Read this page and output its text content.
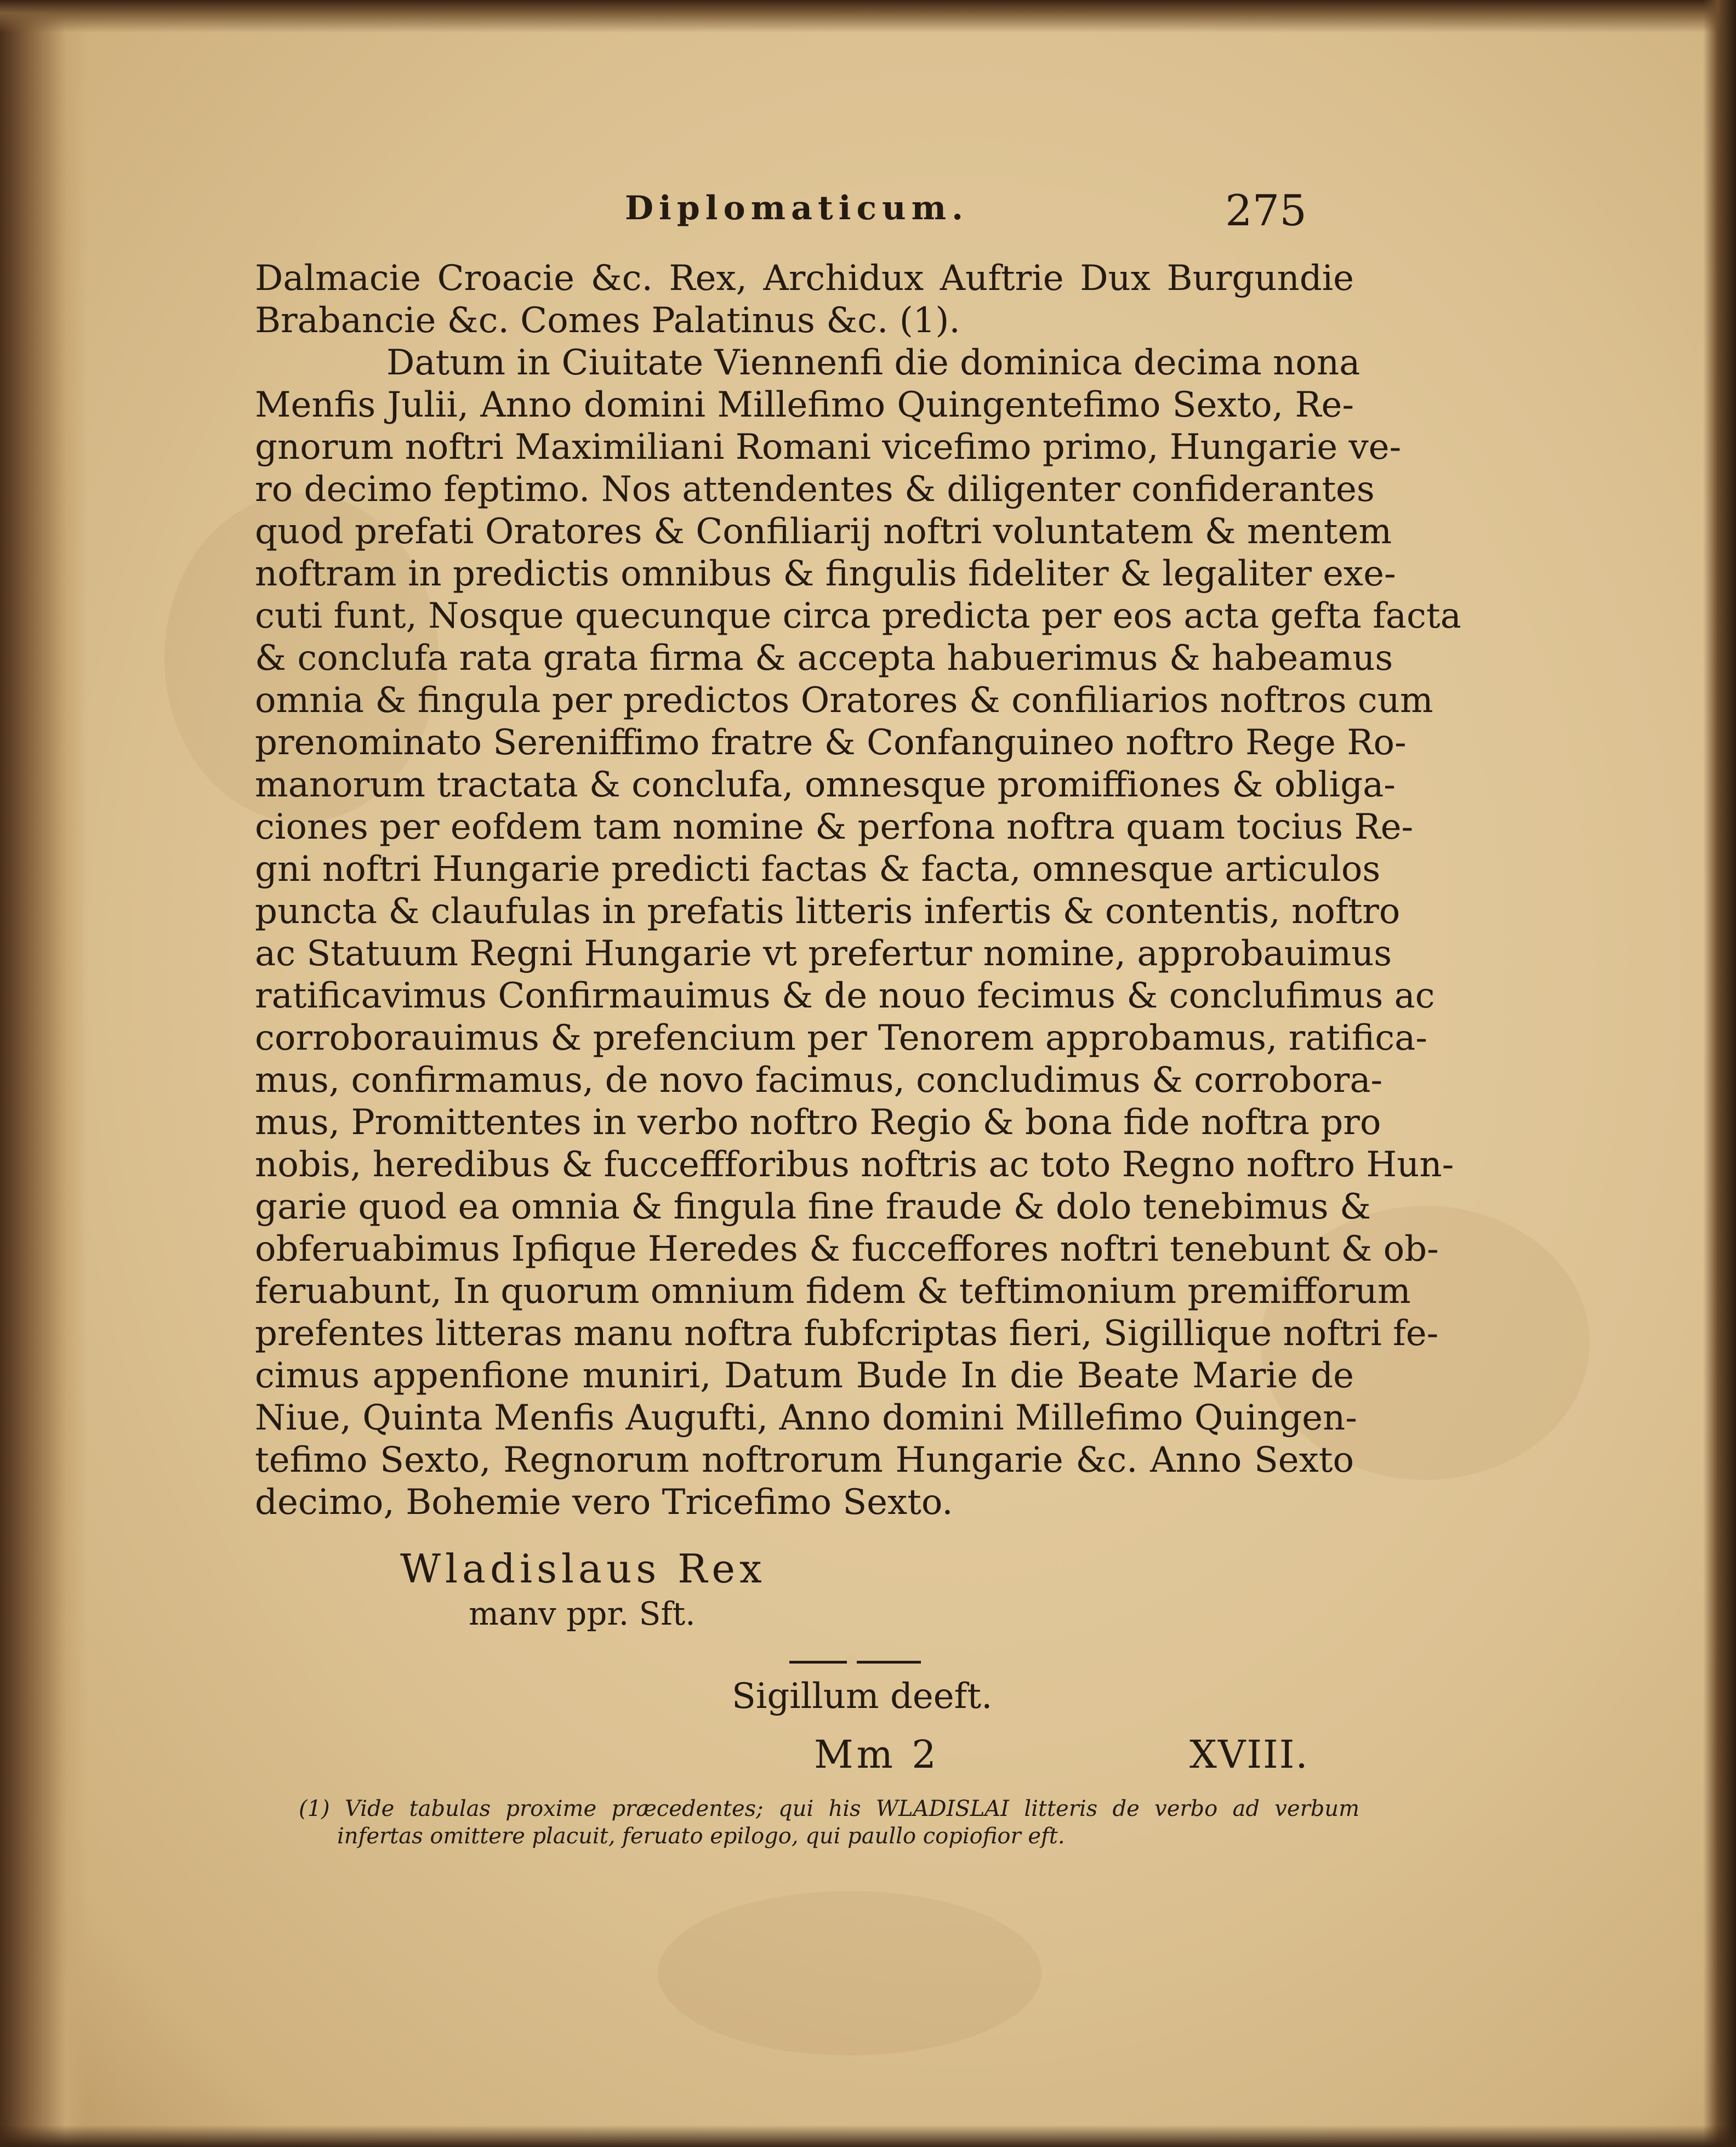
Diplomaticum.	275
Dalmacie Croacie &c. Rex, Archidux Auftrie Dux Burgundie
Brabancie &c. Comes Palatinus &c. (1).
Datum in Ciuitate Viennenfi die dominica decima nona
Menfis Julii, Anno domini Millefimo Quingentefimo Sexto, Re-
gnorum noftri Maximiliani Romani vicefimo primo, Hungarie ve-
ro decimo feptimo. Nos attendentes & diligenter confiderantes
quod prefati Oratores & Confiliarij noftri voluntatem & mentem
noftram in predictis omnibus & fingulis fideliter & legaliter exe-
cuti funt, Nosque quecunque circa predicta per eos acta gefta facta
& conclufa rata grata firma & accepta habuerimus & habeamus
omnia & fingula per predictos Oratores & confiliarios noftros cum
prenominato Sereniffimo fratre & Confanguineo noftro Rege Ro-
manorum tractata & conclufa, omnesque promiffiones & obliga-
ciones per eofdem tam nomine & perfona noftra quam tocius Re-
gni noftri Hungarie predicti factas & facta, omnesque articulos
puncta & claufulas in prefatis litteris infertis & contentis, noftro
ac Statuum Regni Hungarie vt prefertur nomine, approbauimus
ratificavimus Confirmauimus & de nouo fecimus & conclufimus ac
corroborauimus & prefencium per Tenorem approbamus, ratifica-
mus, confirmamus, de novo facimus, concludimus & corrobora-
mus, Promittentes in verbo noftro Regio & bona fide noftra pro
nobis, heredibus & fucceffforibus noftris ac toto Regno noftro Hun-
garie quod ea omnia & fingula fine fraude & dolo tenebimus &
obferuabimus Ipfique Heredes & fucceffores noftri tenebunt & ob-
feruabunt, In quorum omnium fidem & teftimonium premifforum
prefentes litteras manu noftra fubfcriptas fieri, Sigillique noftri fe-
cimus appenfione muniri, Datum Bude In die Beate Marie de
Niue, Quinta Menfis Augufti, Anno domini Millefimo Quingen-
tefimo Sexto, Regnorum noftrorum Hungarie &c. Anno Sexto
decimo, Bohemie vero Tricefimo Sexto.
Wladislaus Rex
manv ppr. Sft.
Sigillum deeft.
Mm 2	XVIII.
(1) Vide tabulas proxime præcedentes; qui his WLADISLAI litteris de verbo ad verbum
infertas omittere placuit, feruato epilogo, qui paullo copiofior eft.
